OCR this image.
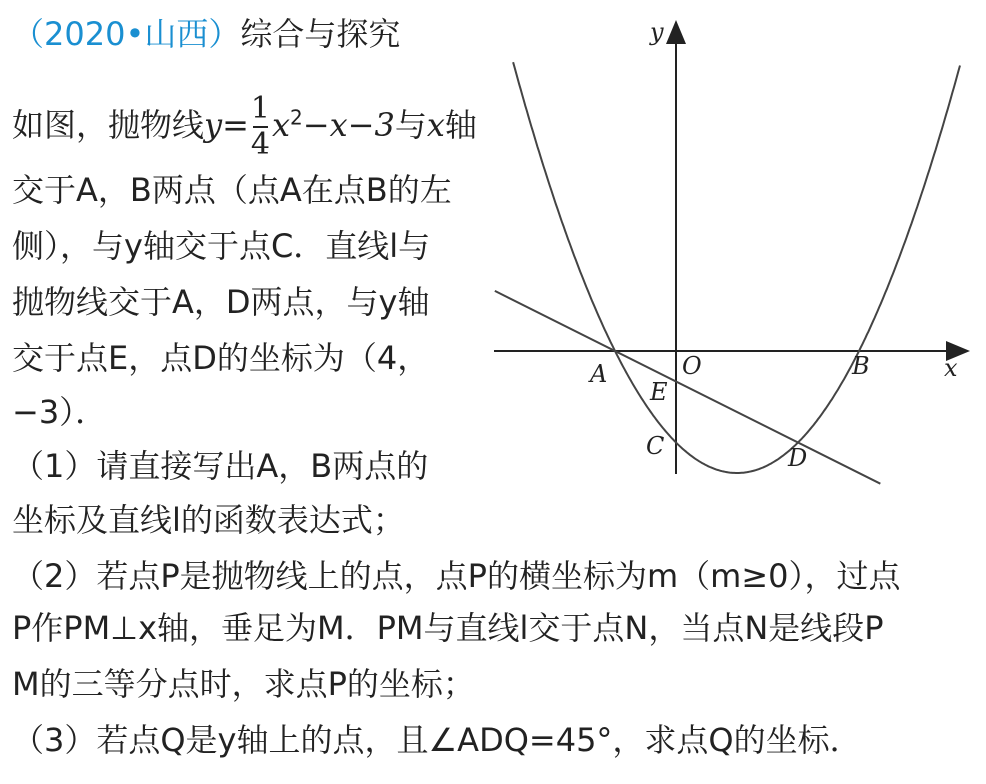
（2020•山西）综合与探究
如图，抛物线$y= \frac{1}{4} x^2-x-3$与x轴
交于A，B两点（点A在点B的左
侧），与y轴交于点C．直线l与
抛物线交于A，D两点，与y轴
交于点E，点D的坐标为（4，
−3）．
（1）请直接写出A，B两点的
坐标及直线l的函数表达式；
（2）若点P是抛物线上的点，点P的横坐标为m（m≥0），过点
P作PM⊥x轴，垂足为M．PM与直线l交于点N，当点N是线段P
M的三等分点时，求点P的坐标；
（3）若点Q是y轴上的点，且∠ADQ=45°，求点Q的坐标．
y
x
A	O	B
E
C	D
